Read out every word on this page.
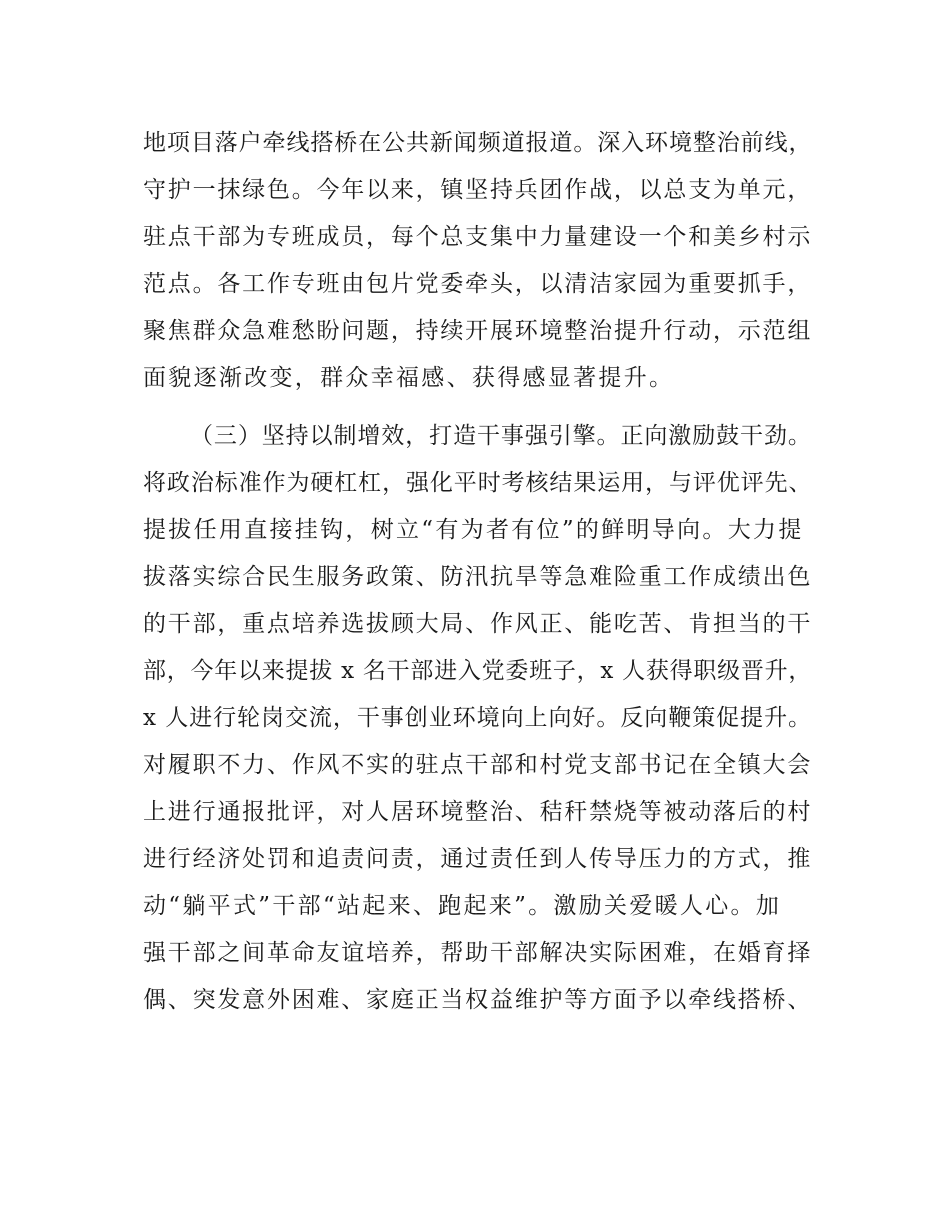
地项目落户牵线搭桥在公共新闻频道报道。深入环境整治前线，
守护一抹绿色。今年以来，镇坚持兵团作战，以总支为单元，
驻点干部为专班成员，每个总支集中力量建设一个和美乡村示
范点。各工作专班由包片党委牵头，以清洁家园为重要抓手，
聚焦群众急难愁盼问题，持续开展环境整治提升行动，示范组
面貌逐渐改变，群众幸福感、获得感显著提升。
（三）坚持以制增效，打造干事强引擎。正向激励鼓干劲。
将政治标准作为硬杠杠，强化平时考核结果运用，与评优评先、
提拔任用直接挂钩，树立“有为者有位”的鲜明导向。大力提
拔落实综合民生服务政策、防汛抗旱等急难险重工作成绩出色
的干部，重点培养选拔顾大局、作风正、能吃苦、肯担当的干
部，今年以来提拔 x 名干部进入党委班子，x 人获得职级晋升，
x 人进行轮岗交流，干事创业环境向上向好。反向鞭策促提升。
对履职不力、作风不实的驻点干部和村党支部书记在全镇大会
上进行通报批评，对人居环境整治、秸秆禁烧等被动落后的村
进行经济处罚和追责问责，通过责任到人传导压力的方式，推
动“躺平式”干部“站起来、跑起来”。激励关爱暖人心。加
强干部之间革命友谊培养，帮助干部解决实际困难，在婚育择
偶、突发意外困难、家庭正当权益维护等方面予以牵线搭桥、
